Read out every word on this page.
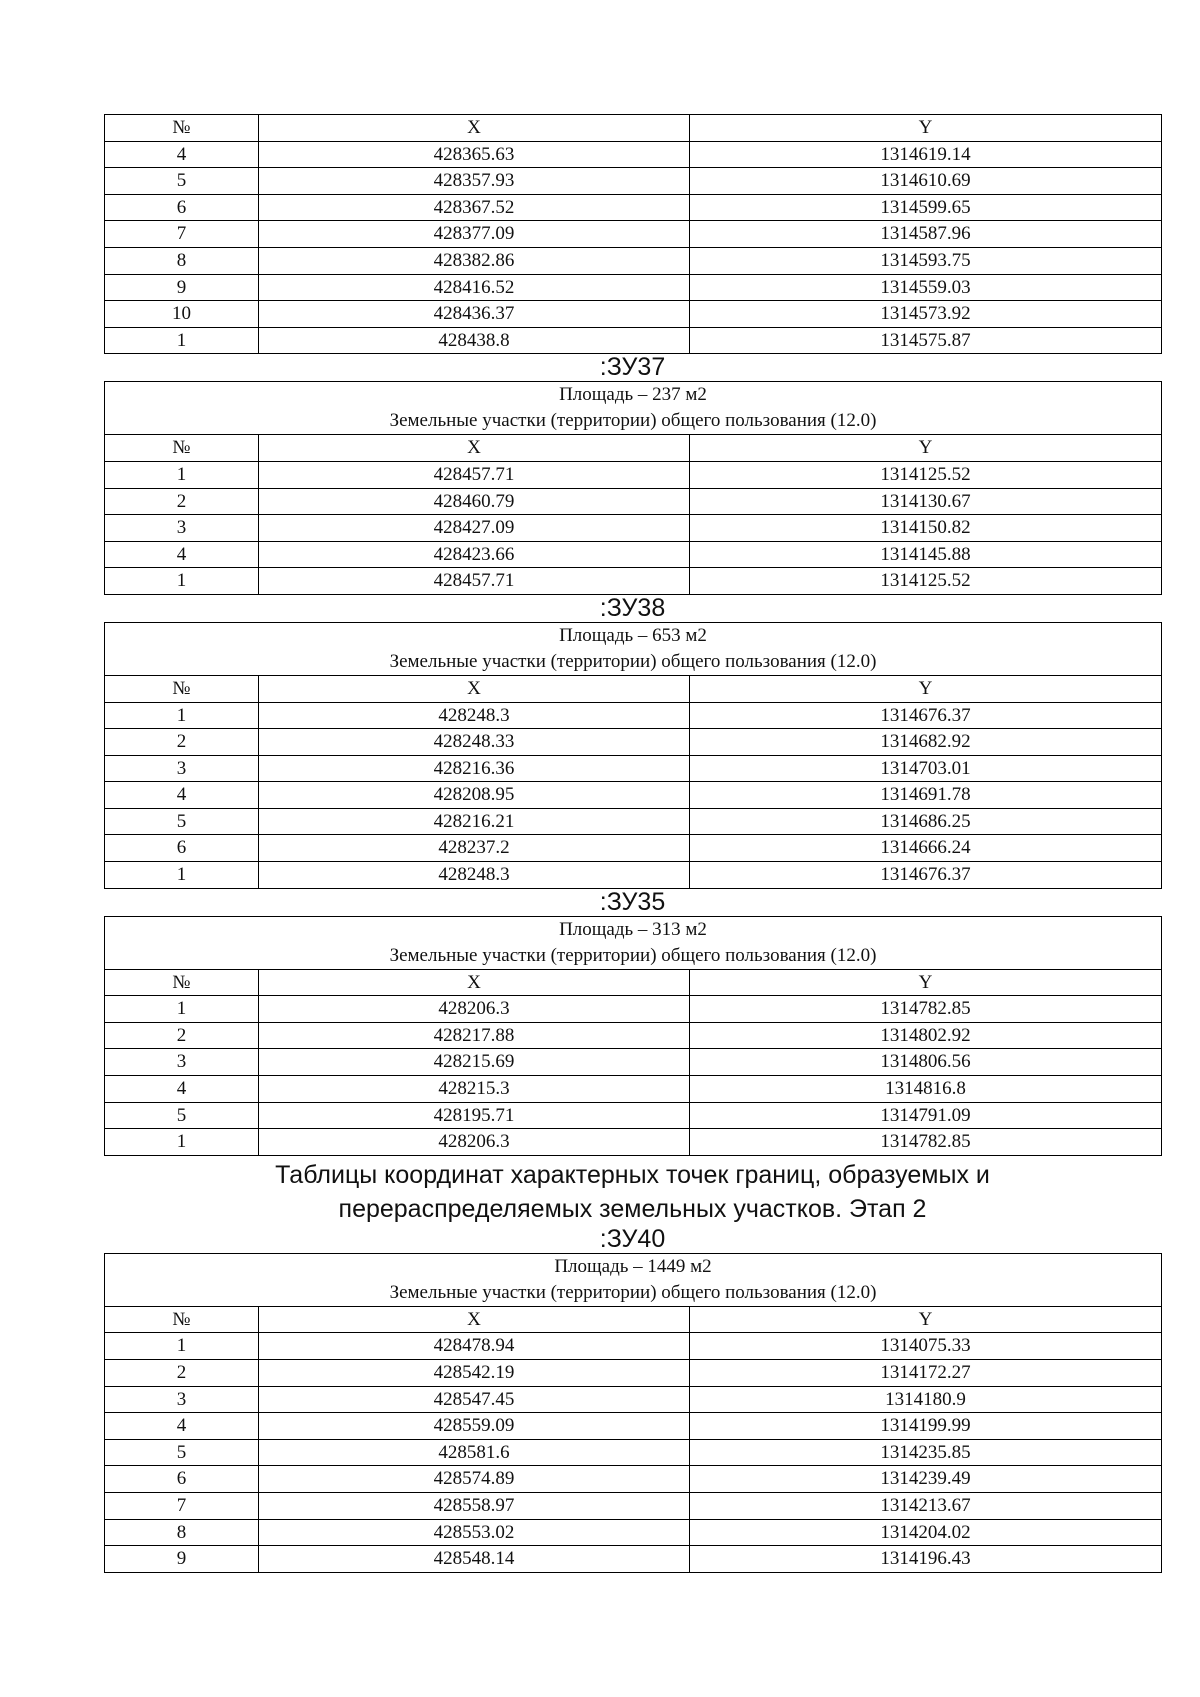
№	X	Y
4	428365.63	1314619.14
5	428357.93	1314610.69
6	428367.52	1314599.65
7	428377.09	1314587.96
8	428382.86	1314593.75
9	428416.52	1314559.03
10	428436.37	1314573.92
1	428438.8	1314575.87
:ЗУ37
Площадь – 237 м2
Земельные участки (территории) общего пользования (12.0)		

№	X	Y
1	428457.71	1314125.52
2	428460.79	1314130.67
3	428427.09	1314150.82
4	428423.66	1314145.88
1	428457.71	1314125.52
:ЗУ38
Площадь – 653 м2
Земельные участки (территории) общего пользования (12.0)		

№	X	Y
1	428248.3	1314676.37
2	428248.33	1314682.92
3	428216.36	1314703.01
4	428208.95	1314691.78
5	428216.21	1314686.25
6	428237.2	1314666.24
1	428248.3	1314676.37
:ЗУ35
Площадь – 313 м2
Земельные участки (территории) общего пользования (12.0)		

№	X	Y
1	428206.3	1314782.85
2	428217.88	1314802.92
3	428215.69	1314806.56
4	428215.3	1314816.8
5	428195.71	1314791.09
1	428206.3	1314782.85
Таблицы координат характерных точек границ, образуемых и
перераспределяемых земельных участков. Этап 2
:ЗУ40
Площадь – 1449 м2
Земельные участки (территории) общего пользования (12.0)		

№	X	Y
1	428478.94	1314075.33
2	428542.19	1314172.27
3	428547.45	1314180.9
4	428559.09	1314199.99
5	428581.6	1314235.85
6	428574.89	1314239.49
7	428558.97	1314213.67
8	428553.02	1314204.02
9	428548.14	1314196.43
